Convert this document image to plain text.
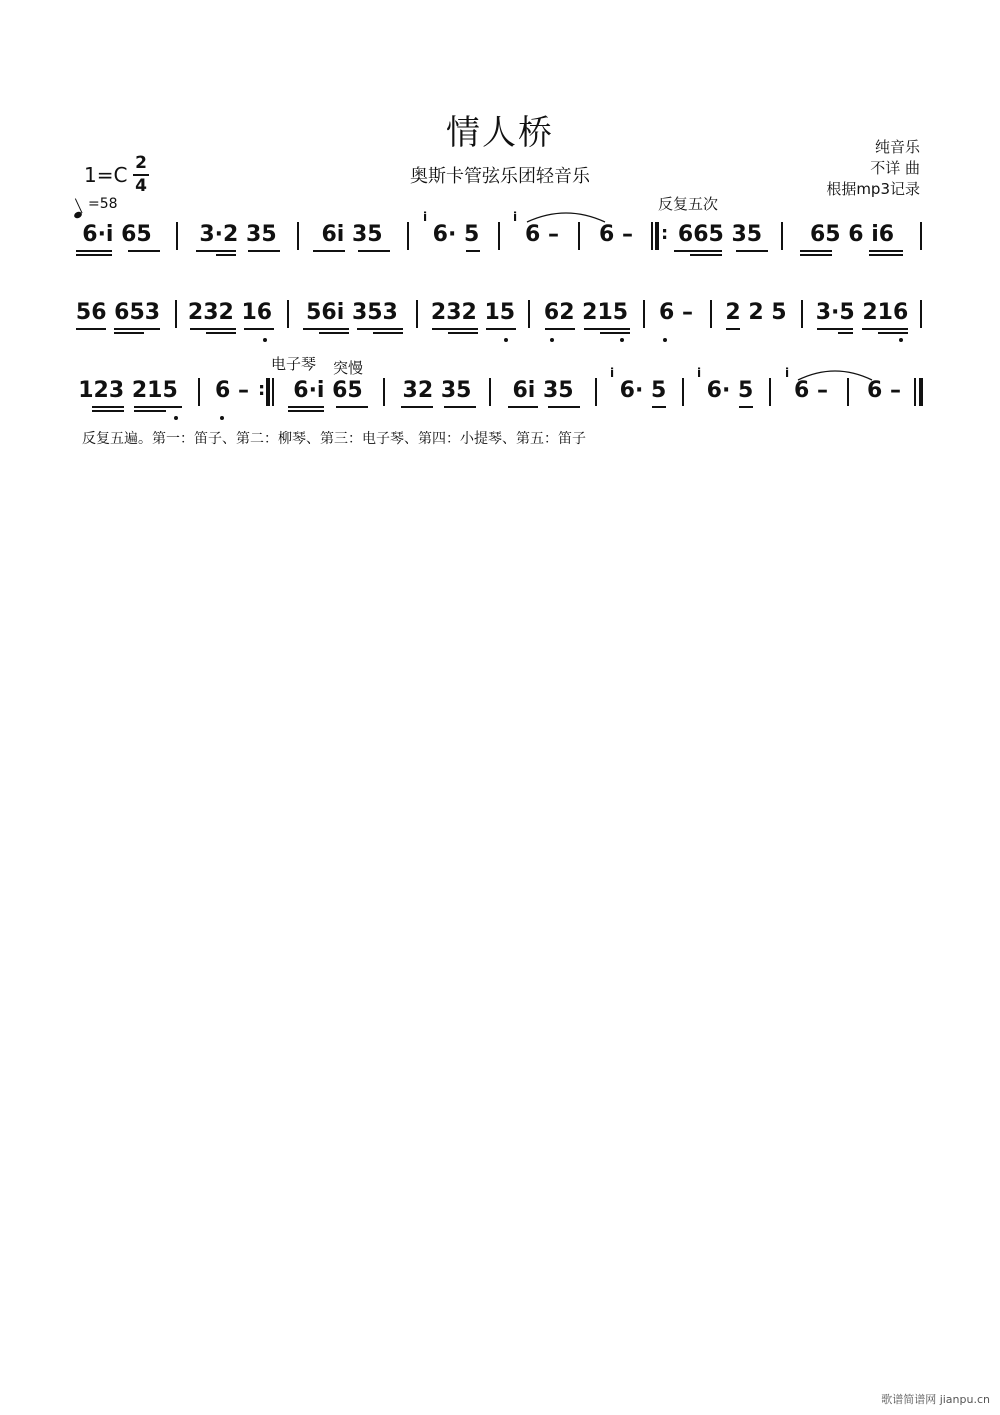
情人桥
奥斯卡管弦乐团轻音乐
纯音乐
不详 曲
根据mp3记录
1=C 2
4
=58	反复五次
电子琴 突慢
6·i 65 3·2 35 6i 35
i
6· 5
i
6 – 6 – : 665 35 65 6 i6
56 653 232 16 56i 353 232 15 62 215 6 – 2 2 5 3·5 216
123 215 6 – : 6·i 65 32 35 6i 35
i
6· 5
i
6· 5
i
6 – 6 –
反复五遍。第一：笛子、第二：柳琴、第三：电子琴、第四：小提琴、第五：笛子
歌谱简谱网 jianpu.cn
